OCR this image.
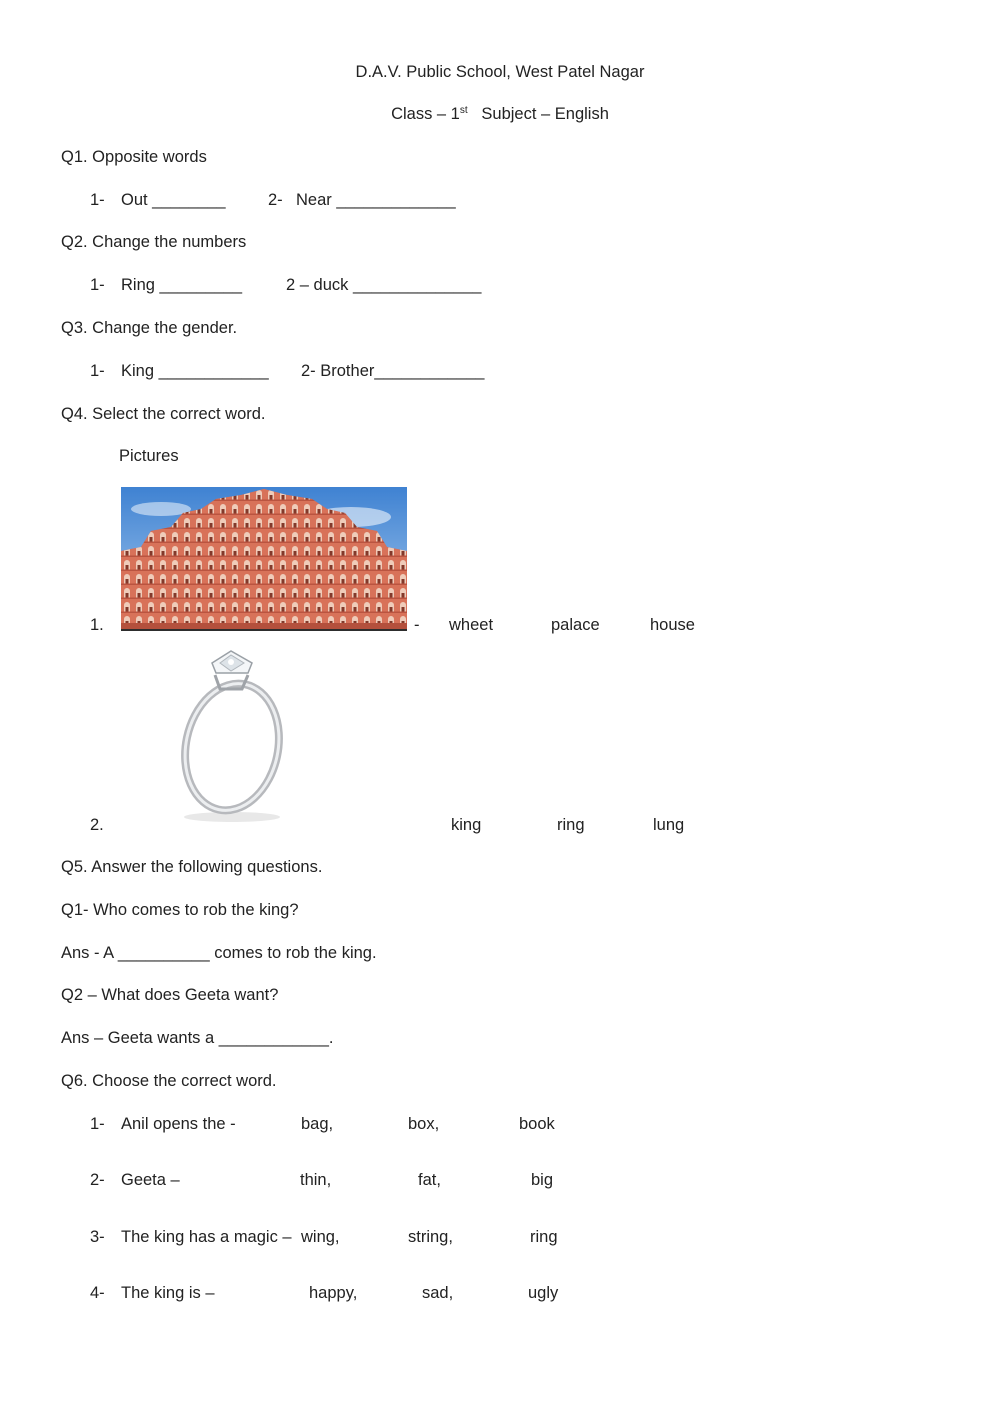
D.A.V. Public School, West Patel Nagar
Class – 1st Subject – English
Q1. Opposite words
1- Out ________	2- Near _____________
Q2. Change the numbers
1- Ring _________	2 – duck ______________
Q3. Change the gender.
1- King ____________ 2- Brother____________
Q4. Select the correct word.
Pictures
1.	- wheet	palace	house
2.	king	ring	lung
Q5. Answer the following questions.
Q1- Who comes to rob the king?
Ans - A __________ comes to rob the king.
Q2 – What does Geeta want?
Ans – Geeta wants a ____________.
Q6. Choose the correct word.
1- Anil opens the -	bag,	box,	book
2- Geeta –	thin,	fat,	big
3- The king has a magic – wing,	string,	ring
4- The king is –	happy,	sad,	ugly
